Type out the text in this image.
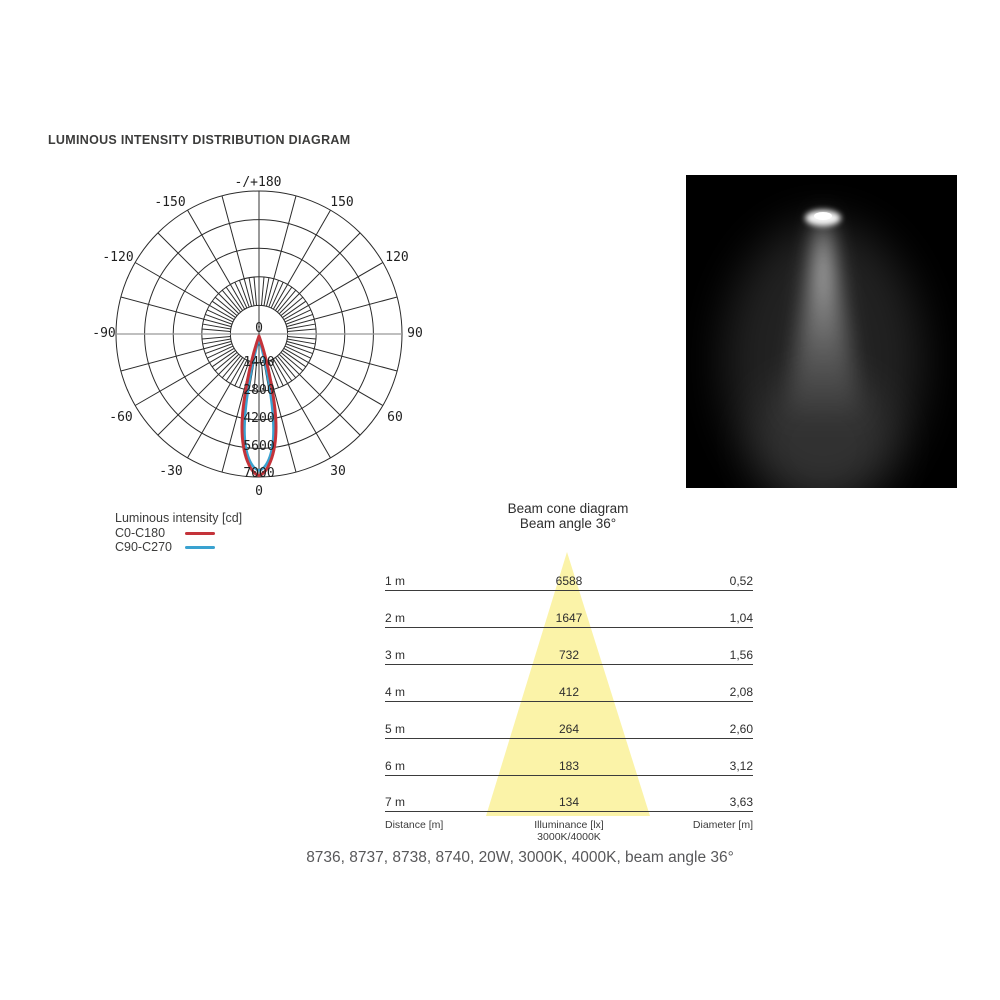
LUMINOUS INTENSITY DISTRIBUTION DIAGRAM
-/+180
-150	150
-120	120
-90	90
-60	60
-30	30
0
0
1400
2800
4200
5600
7000
Luminous intensity [cd]
C0-C180
C90-C270
Beam cone diagram
Beam angle 36°
1 m	6588	0,52
2 m	1647	1,04
3 m	732	1,56
4 m	412	2,08
5 m	264	2,60
6 m	183	3,12
7 m	134	3,63
Distance [m]	Illuminance [lx]
3000K/4000K
Diameter [m]
8736, 8737, 8738, 8740, 20W, 3000K, 4000K, beam angle 36°
